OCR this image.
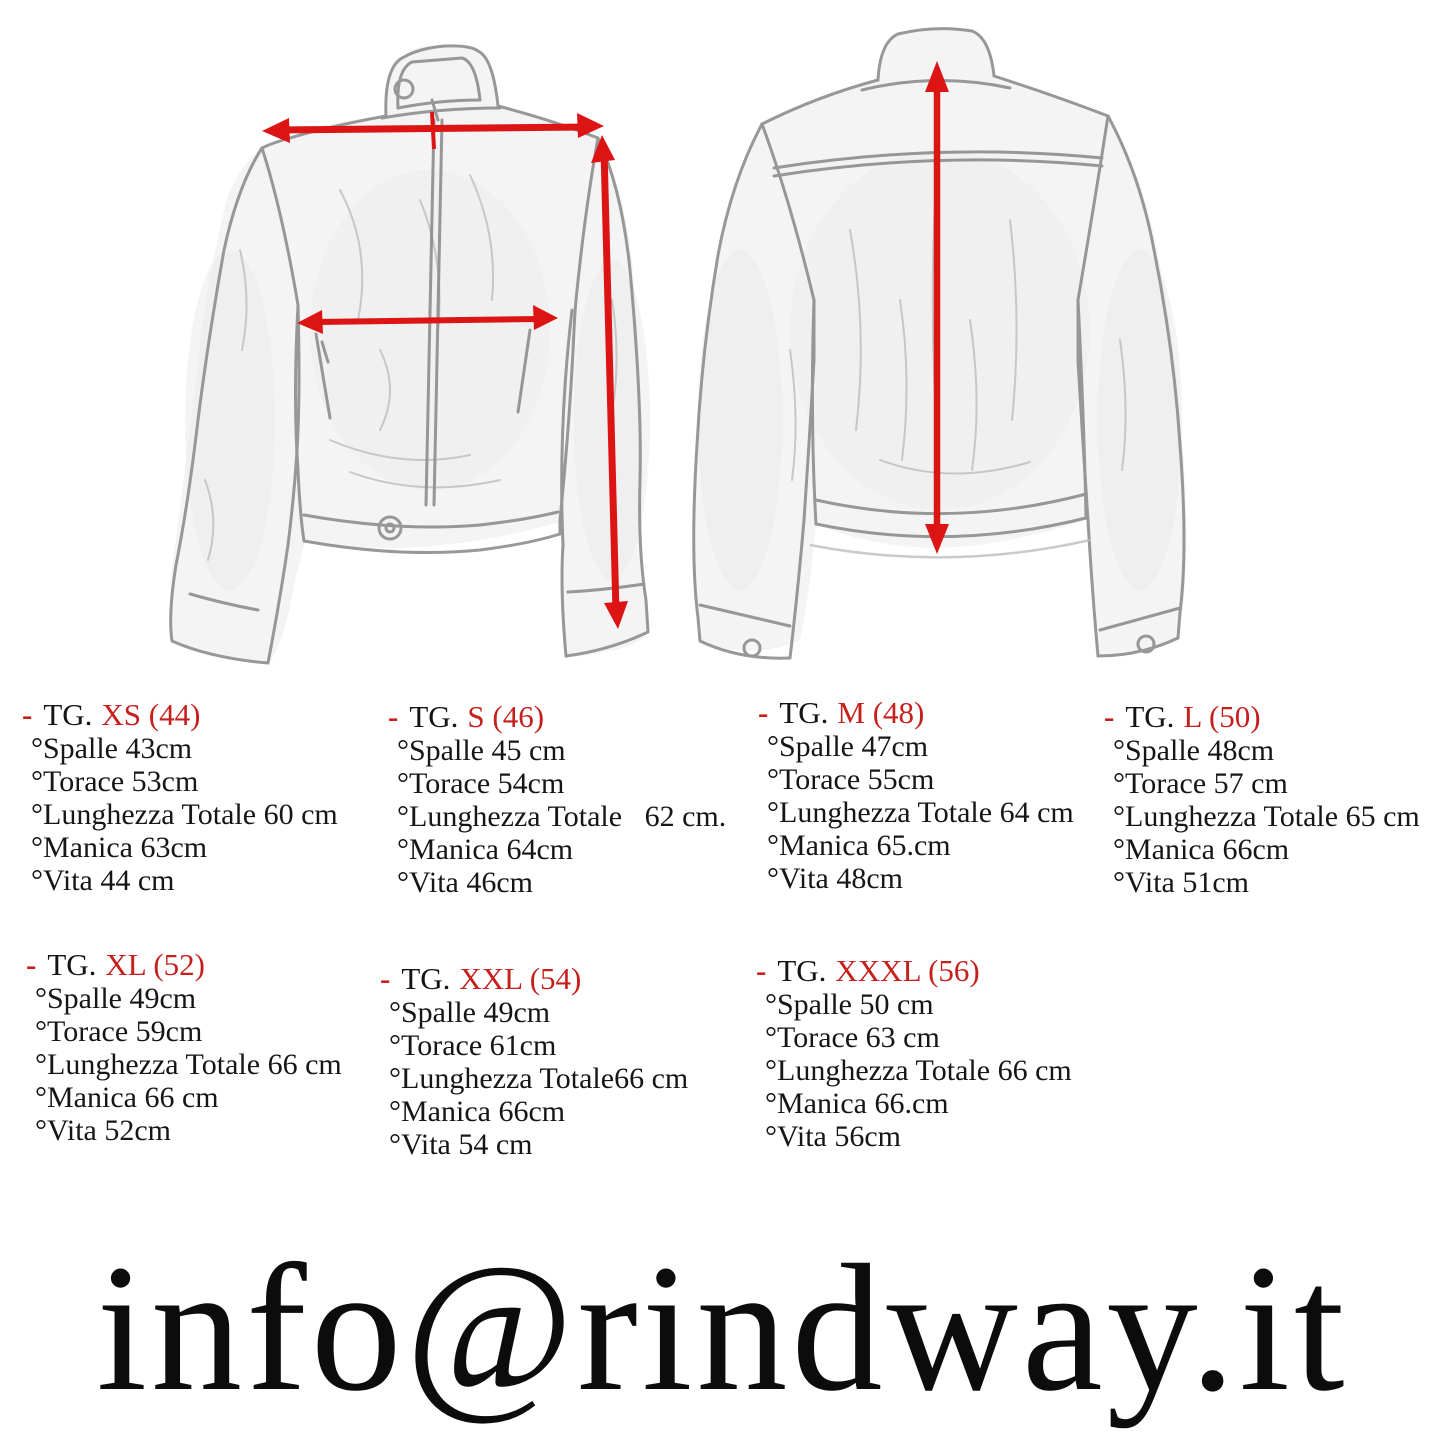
- TG. XS (44)
°Spalle 43cm
°Torace 53cm
°Lunghezza Totale 60 cm
°Manica 63cm
°Vita 44 cm
- TG. S (46)
°Spalle 45 cm
°Torace 54cm
°Lunghezza Totale   62 cm.
°Manica 64cm
°Vita 46cm
- TG. M (48)
°Spalle 47cm
°Torace 55cm
°Lunghezza Totale 64 cm
°Manica 65.cm
°Vita 48cm
- TG. L (50)
°Spalle 48cm
°Torace 57 cm
°Lunghezza Totale 65 cm
°Manica 66cm
°Vita 51cm
- TG. XL (52)
°Spalle 49cm
°Torace 59cm
°Lunghezza Totale 66 cm
°Manica 66 cm
°Vita 52cm
- TG. XXL (54)
°Spalle 49cm
°Torace 61cm
°Lunghezza Totale66 cm
°Manica 66cm
°Vita 54 cm
- TG. XXXL (56)
°Spalle 50 cm
°Torace 63 cm
°Lunghezza Totale 66 cm
°Manica 66.cm
°Vita 56cm
info@rindway.it
